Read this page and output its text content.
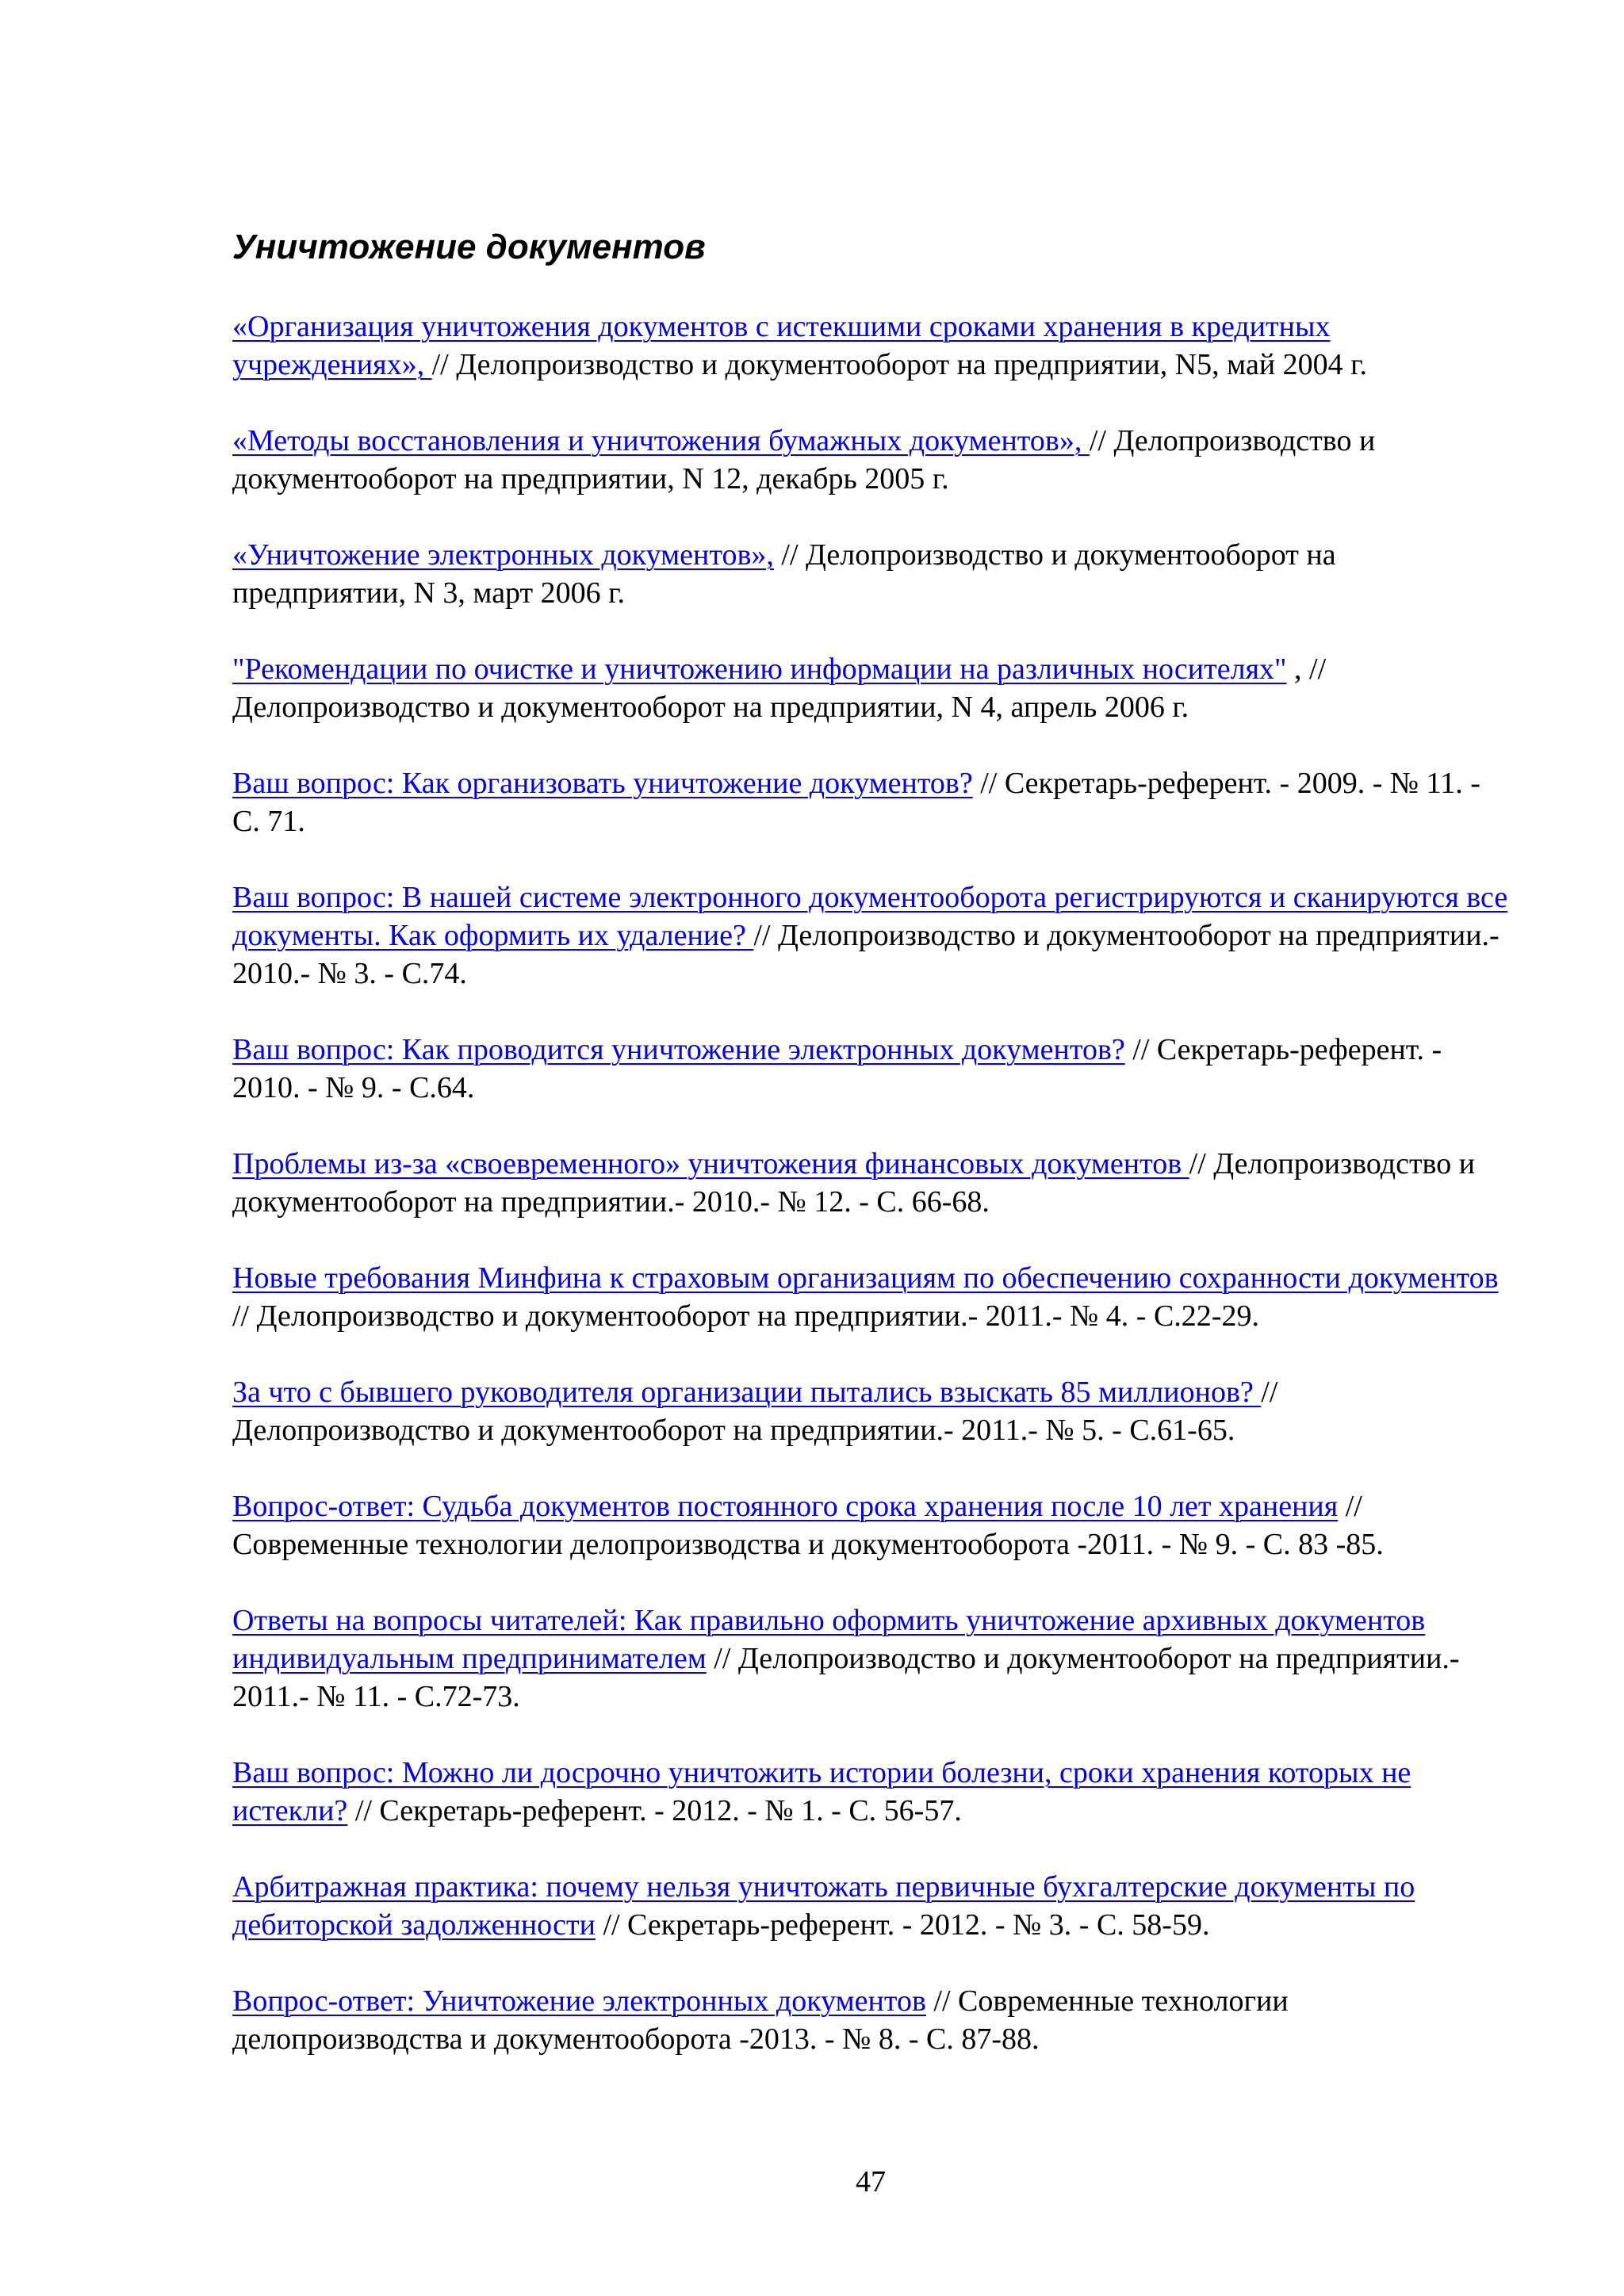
Уничтожение документов
«Организация уничтожения документов с истекшими сроками хранения в кредитных учреждениях», // Делопроизводство и документооборот на предприятии, N5, май 2004 г.
«Методы восстановления и уничтожения бумажных документов», // Делопроизводство и документооборот на предприятии, N 12, декабрь 2005 г.
«Уничтожение электронных документов», // Делопроизводство и документооборот на предприятии, N 3, март 2006 г.
"Рекомендации по очистке и уничтожению информации на различных носителях" , // Делопроизводство и документооборот на предприятии, N 4, апрель 2006 г.
Ваш вопрос: Как организовать уничтожение документов? // Секретарь-референт. - 2009. - № 11. - С. 71.
Ваш вопрос: В нашей системе электронного документооборота регистрируются и сканируются все документы. Как оформить их удаление? // Делопроизводство и документооборот на предприятии.- 2010.- № 3. - С.74.
Ваш вопрос: Как проводится уничтожение электронных документов? // Секретарь-референт. - 2010. - № 9. - С.64.
Проблемы из-за «своевременного» уничтожения финансовых документов // Делопроизводство и документооборот на предприятии.- 2010.- № 12. - С. 66-68.
Новые требования Минфина к страховым организациям по обеспечению сохранности документов // Делопроизводство и документооборот на предприятии.- 2011.- № 4. - С.22-29.
За что с бывшего руководителя организации пытались взыскать 85 миллионов? // Делопроизводство и документооборот на предприятии.- 2011.- № 5. - С.61-65.
Вопрос-ответ: Судьба документов постоянного срока хранения после 10 лет хранения // Современные технологии делопроизводства и документооборота -2011. - № 9. - С. 83 -85.
Ответы на вопросы читателей: Как правильно оформить уничтожение архивных документов индивидуальным предпринимателем // Делопроизводство и документооборот на предприятии.- 2011.- № 11. - С.72-73.
Ваш вопрос: Можно ли досрочно уничтожить истории болезни, сроки хранения которых не истекли? // Секретарь-референт. - 2012. - № 1. - С. 56-57.
Арбитражная практика: почему нельзя уничтожать первичные бухгалтерские документы по дебиторской задолженности // Секретарь-референт. - 2012. - № 3. - С. 58-59.
Вопрос-ответ: Уничтожение электронных документов // Современные технологии делопроизводства и документооборота -2013. - № 8. - С. 87-88.
47
